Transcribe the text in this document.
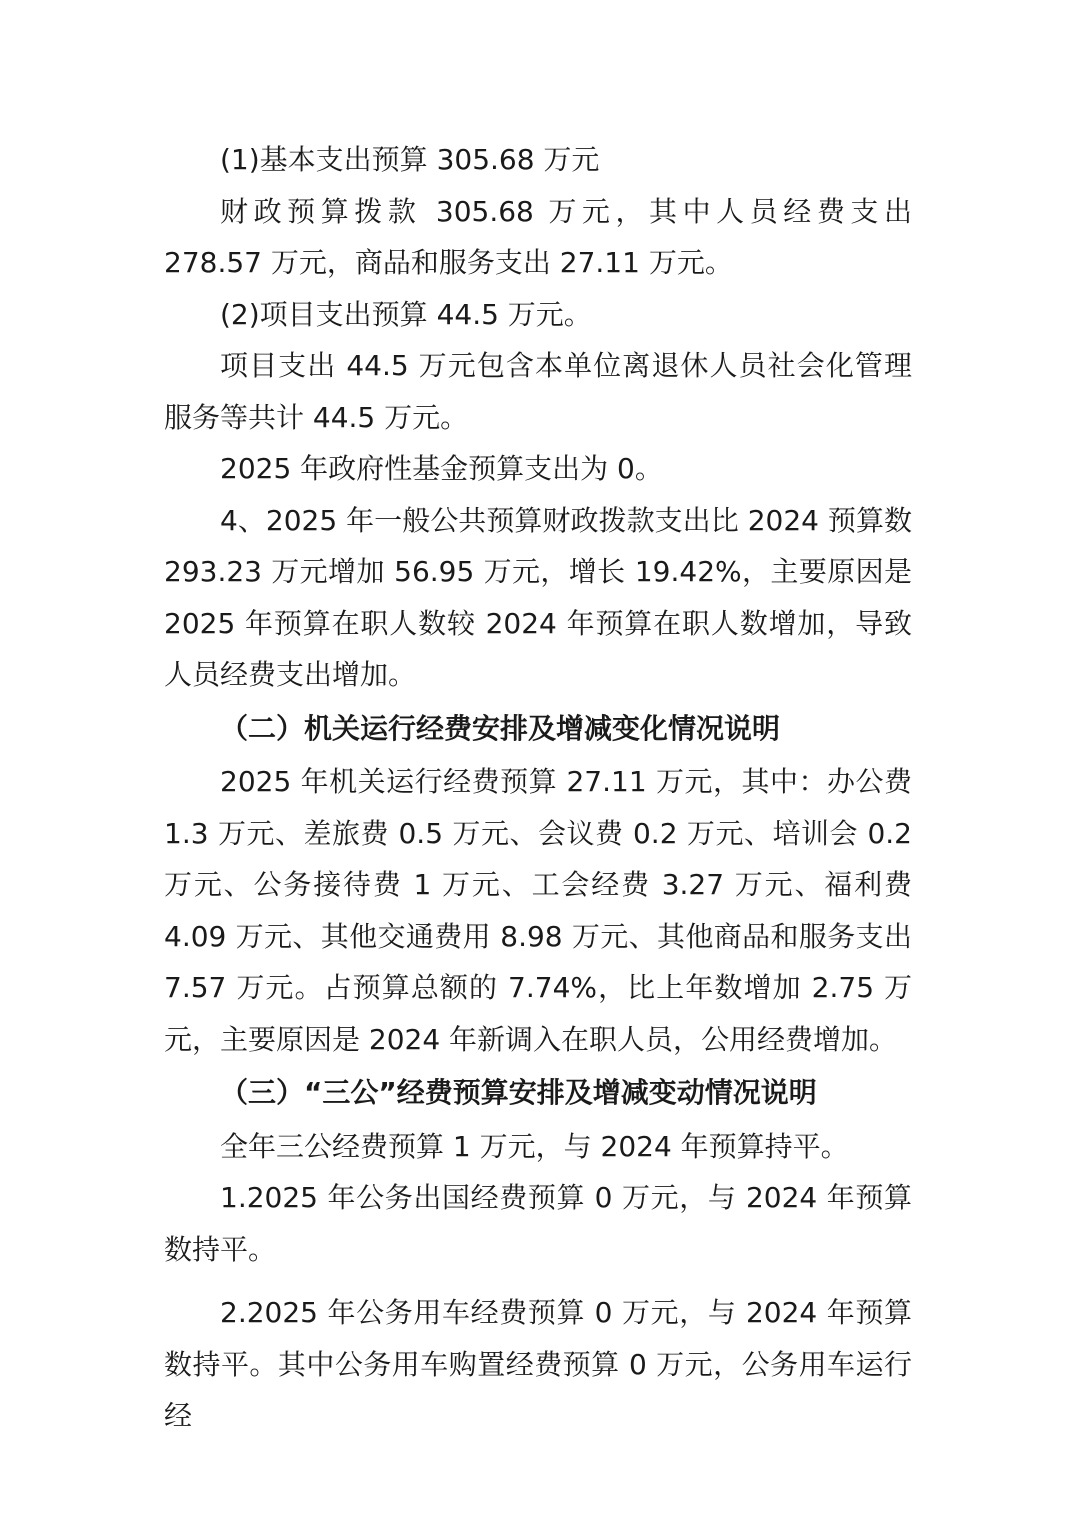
(1)基本支出预算 305.68 万元

财政预算拨款 305.68 万元，其中人员经费支出 278.57 万元，商品和服务支出 27.11 万元。

(2)项目支出预算 44.5 万元。

项目支出 44.5 万元包含本单位离退休人员社会化管理服务等共计 44.5 万元。

2025 年政府性基金预算支出为 0。

4、2025 年一般公共预算财政拨款支出比 2024 预算数 293.23 万元增加 56.95 万元，增长 19.42%，主要原因是 2025 年预算在职人数较 2024 年预算在职人数增加，导致人员经费支出增加。

（二）机关运行经费安排及增减变化情况说明

2025 年机关运行经费预算 27.11 万元，其中：办公费 1.3 万元、差旅费 0.5 万元、会议费 0.2 万元、培训会 0.2 万元、公务接待费 1 万元、工会经费 3.27 万元、福利费 4.09 万元、其他交通费用 8.98 万元、其他商品和服务支出 7.57 万元。占预算总额的 7.74%，比上年数增加 2.75 万元，主要原因是 2024 年新调入在职人员，公用经费增加。

（三）“三公”经费预算安排及增减变动情况说明

全年三公经费预算 1 万元，与 2024 年预算持平。

1.2025 年公务出国经费预算 0 万元，与 2024 年预算数持平。

2.2025 年公务用车经费预算 0 万元，与 2024 年预算数持平。其中公务用车购置经费预算 0 万元，公务用车运行经
